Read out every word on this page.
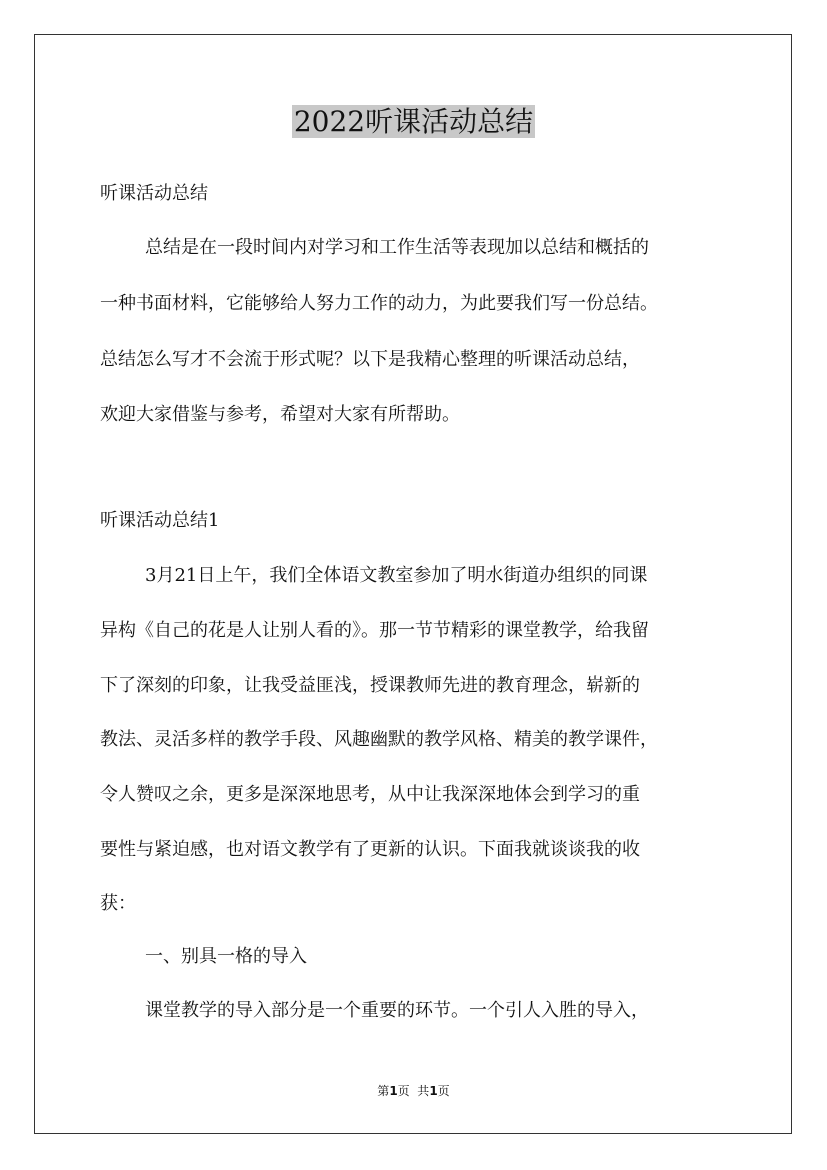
2022听课活动总结
听课活动总结
总结是在一段时间内对学习和工作生活等表现加以总结和概括的
一种书面材料，它能够给人努力工作的动力，为此要我们写一份总结。
总结怎么写才不会流于形式呢？以下是我精心整理的听课活动总结，
欢迎大家借鉴与参考，希望对大家有所帮助。
听课活动总结1
3月21日上午，我们全体语文教室参加了明水街道办组织的同课
异构《自己的花是人让别人看的》。那一节节精彩的课堂教学，给我留
下了深刻的印象，让我受益匪浅，授课教师先进的教育理念，崭新的
教法、灵活多样的教学手段、风趣幽默的教学风格、精美的教学课件，
令人赞叹之余，更多是深深地思考，从中让我深深地体会到学习的重
要性与紧迫感，也对语文教学有了更新的认识。下面我就谈谈我的收
获：
一、别具一格的导入
课堂教学的导入部分是一个重要的环节。一个引人入胜的导入，
第1页  共1页
